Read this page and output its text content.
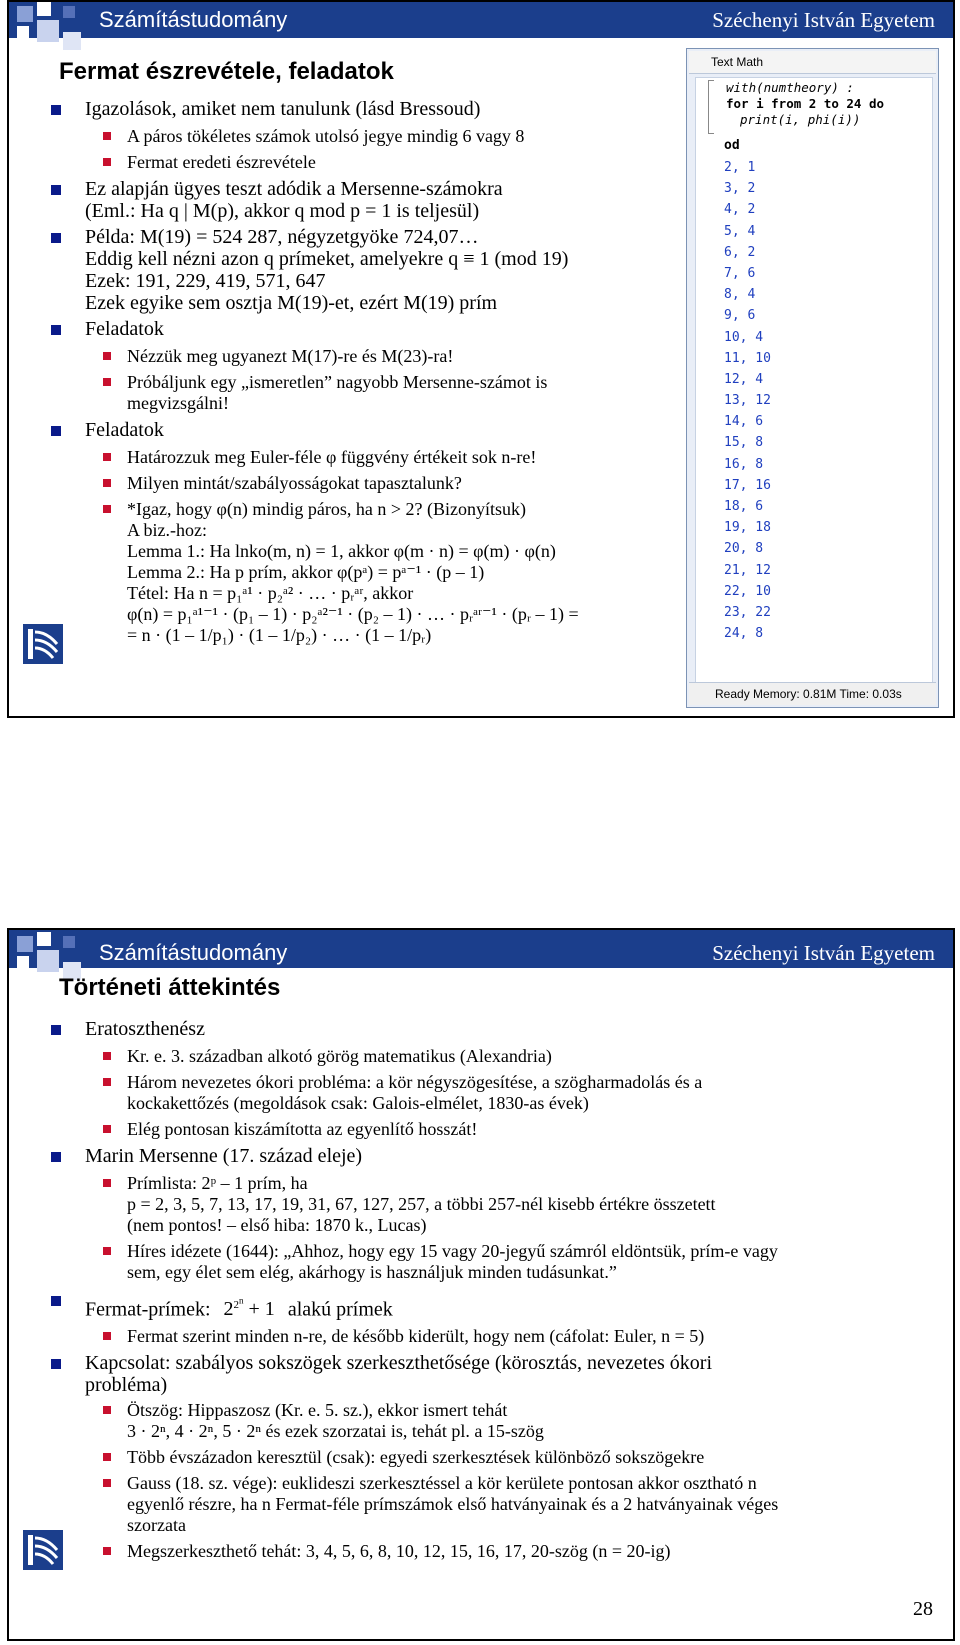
Számítástudomány	Széchenyi István Egyetem
Fermat észrevétele, feladatok
Igazolások, amiket nem tanulunk (lásd Bressoud)
A páros tökéletes számok utolsó jegye mindig 6 vagy 8
Fermat eredeti észrevétele
Ez alapján ügyes teszt adódik a Mersenne-számokra
(Eml.: Ha q | M(p), akkor q mod p = 1 is teljesül)
Példa: M(19) = 524 287, négyzetgyöke 724,07…
Eddig kell nézni azon q prímeket, amelyekre q ≡ 1 (mod 19)
Ezek: 191, 229, 419, 571, 647
Ezek egyike sem osztja M(19)-et, ezért M(19) prím
Feladatok
Nézzük meg ugyanezt M(17)-re és M(23)-ra!
Próbáljunk egy „ismeretlen” nagyobb Mersenne-számot is
megvizsgálni!
Feladatok
Határozzuk meg Euler-féle φ függvény értékeit sok n-re!
Milyen mintát/szabályosságokat tapasztalunk?
*Igaz, hogy φ(n) mindig páros, ha n > 2? (Bizonyítsuk)
A biz.-hoz:
Lemma 1.: Ha lnko(m, n) = 1, akkor φ(m · n) = φ(m) · φ(n)
Lemma 2.: Ha p prím, akkor φ(pᵃ) = pᵃ⁻¹ · (p – 1)
Tétel: Ha n = p₁ᵃ¹ · p₂ᵃ² · … · pᵣᵃʳ, akkor
φ(n) = p₁ᵃ¹⁻¹ · (p₁ – 1) · p₂ᵃ²⁻¹ · (p₂ – 1) · … · pᵣᵃʳ⁻¹ · (pᵣ – 1) =
= n · (1 – 1/p₁) · (1 – 1/p₂) · … · (1 – 1/pᵣ)
Text Math
with(numtheory) :
for i from 2 to 24 do
print(i, phi(i))
od
2, 1
3, 2
4, 2
5, 4
6, 2
7, 6
8, 4
9, 6
10, 4
11, 10
12, 4
13, 12
14, 6
15, 8
16, 8
17, 16
18, 6
19, 18
20, 8
21, 12
22, 10
23, 22
24, 8
Ready Memory: 0.81M Time: 0.03s
Számítástudomány	Széchenyi István Egyetem
Történeti áttekintés
Eratoszthenész
Kr. e. 3. században alkotó görög matematikus (Alexandria)
Három nevezetes ókori probléma: a kör négyszögesítése, a szögharmadolás és a
kockakettőzés (megoldások csak: Galois-elmélet, 1830-as évek)
Elég pontosan kiszámította az egyenlítő hosszát!
Marin Mersenne (17. század eleje)
Prímlista: 2ᵖ – 1 prím, ha
p = 2, 3, 5, 7, 13, 17, 19, 31, 67, 127, 257, a többi 257-nél kisebb értékre összetett
(nem pontos! – első hiba: 1870 k., Lucas)
Híres idézete (1644): „Ahhoz, hogy egy 15 vagy 20-jegyű számról eldöntsük, prím-e vagy
sem, egy élet sem elég, akárhogy is használjuk minden tudásunkat.”
Fermat-prímek: $2^{2^n} + 1$ alakú prímek
Fermat szerint minden n-re, de később kiderült, hogy nem (cáfolat: Euler, n = 5)
Kapcsolat: szabályos sokszögek szerkeszthetősége (körosztás, nevezetes ókori
probléma)
Ötszög: Hippaszosz (Kr. e. 5. sz.), ekkor ismert tehát
3 · 2ⁿ, 4 · 2ⁿ, 5 · 2ⁿ és ezek szorzatai is, tehát pl. a 15-szög
Több évszázadon keresztül (csak): egyedi szerkesztések különböző sokszögekre
Gauss (18. sz. vége): euklideszi szerkesztéssel a kör kerülete pontosan akkor osztható n
egyenlő részre, ha n Fermat-féle prímszámok első hatványainak és a 2 hatványainak véges
szorzata
Megszerkeszthető tehát: 3, 4, 5, 6, 8, 10, 12, 15, 16, 17, 20-szög (n = 20-ig)
28
